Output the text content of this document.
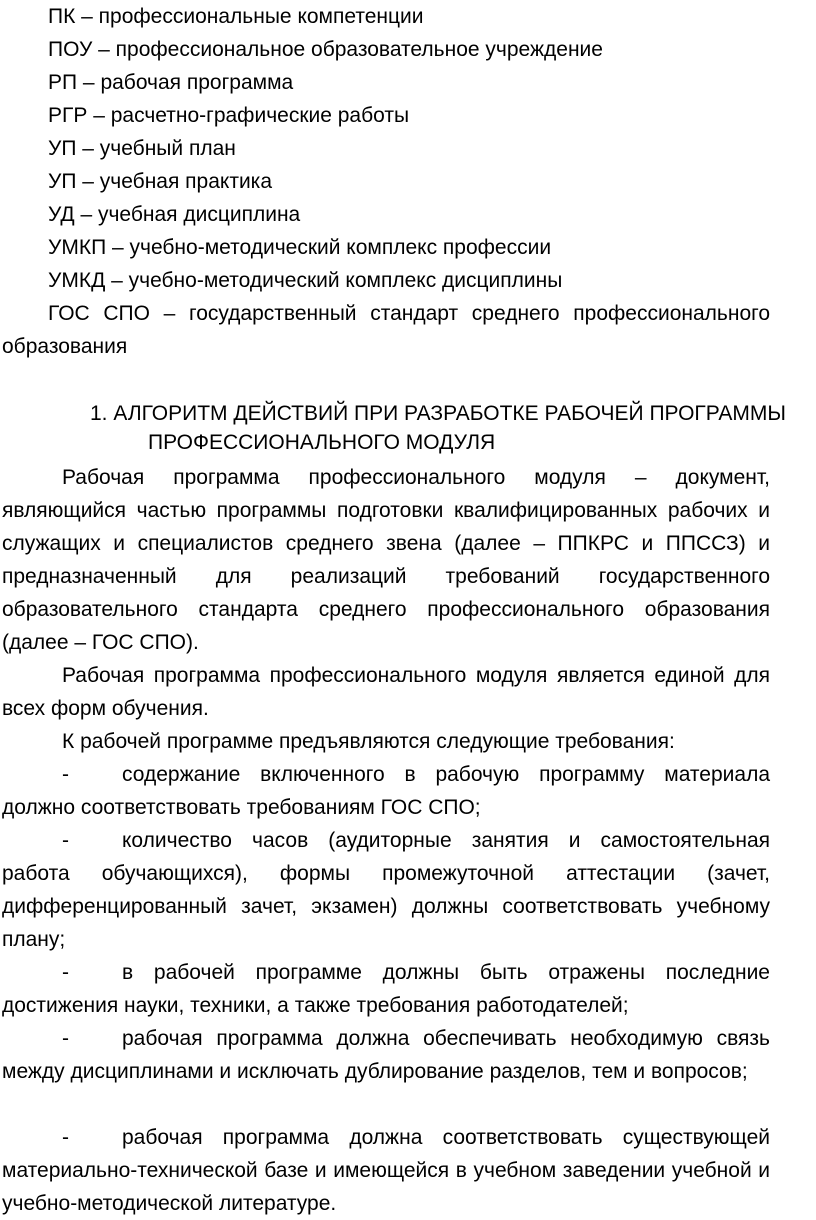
ПК – профессиональные компетенции
ПОУ – профессиональное образовательное учреждение
РП – рабочая программа
РГР – расчетно-графические работы
УП – учебный план
УП – учебная практика
УД – учебная дисциплина
УМКП – учебно-методический комплекс профессии
УМКД – учебно-методический комплекс дисциплины
ГОС СПО – государственный стандарт среднего профессионального образования
1. АЛГОРИТМ ДЕЙСТВИЙ ПРИ РАЗРАБОТКЕ РАБОЧЕЙ ПРОГРАММЫ
ПРОФЕССИОНАЛЬНОГО МОДУЛЯ
Рабочая программа профессионального модуля – документ, являющийся частью программы подготовки квалифицированных рабочих и служащих и специалистов среднего звена (далее – ППКРС и ППССЗ) и предназначенный для реализаций требований государственного образовательного стандарта среднего профессионального образования (далее – ГОС СПО).
Рабочая программа профессионального модуля является единой для всех форм обучения.
К рабочей программе предъявляются следующие требования:
-	содержание включенного в рабочую программу материала должно соответствовать требованиям ГОС СПО;
-	количество часов (аудиторные занятия и самостоятельная работа обучающихся), формы промежуточной аттестации (зачет, дифференцированный зачет, экзамен) должны соответствовать учебному плану;
-	в рабочей программе должны быть отражены последние достижения науки, техники, а также требования работодателей;
-	рабочая программа должна обеспечивать необходимую связь между дисциплинами и исключать дублирование разделов, тем и вопросов;
-	рабочая программа должна соответствовать существующей материально-технической базе и имеющейся в учебном заведении учебной и учебно-методической литературе.
